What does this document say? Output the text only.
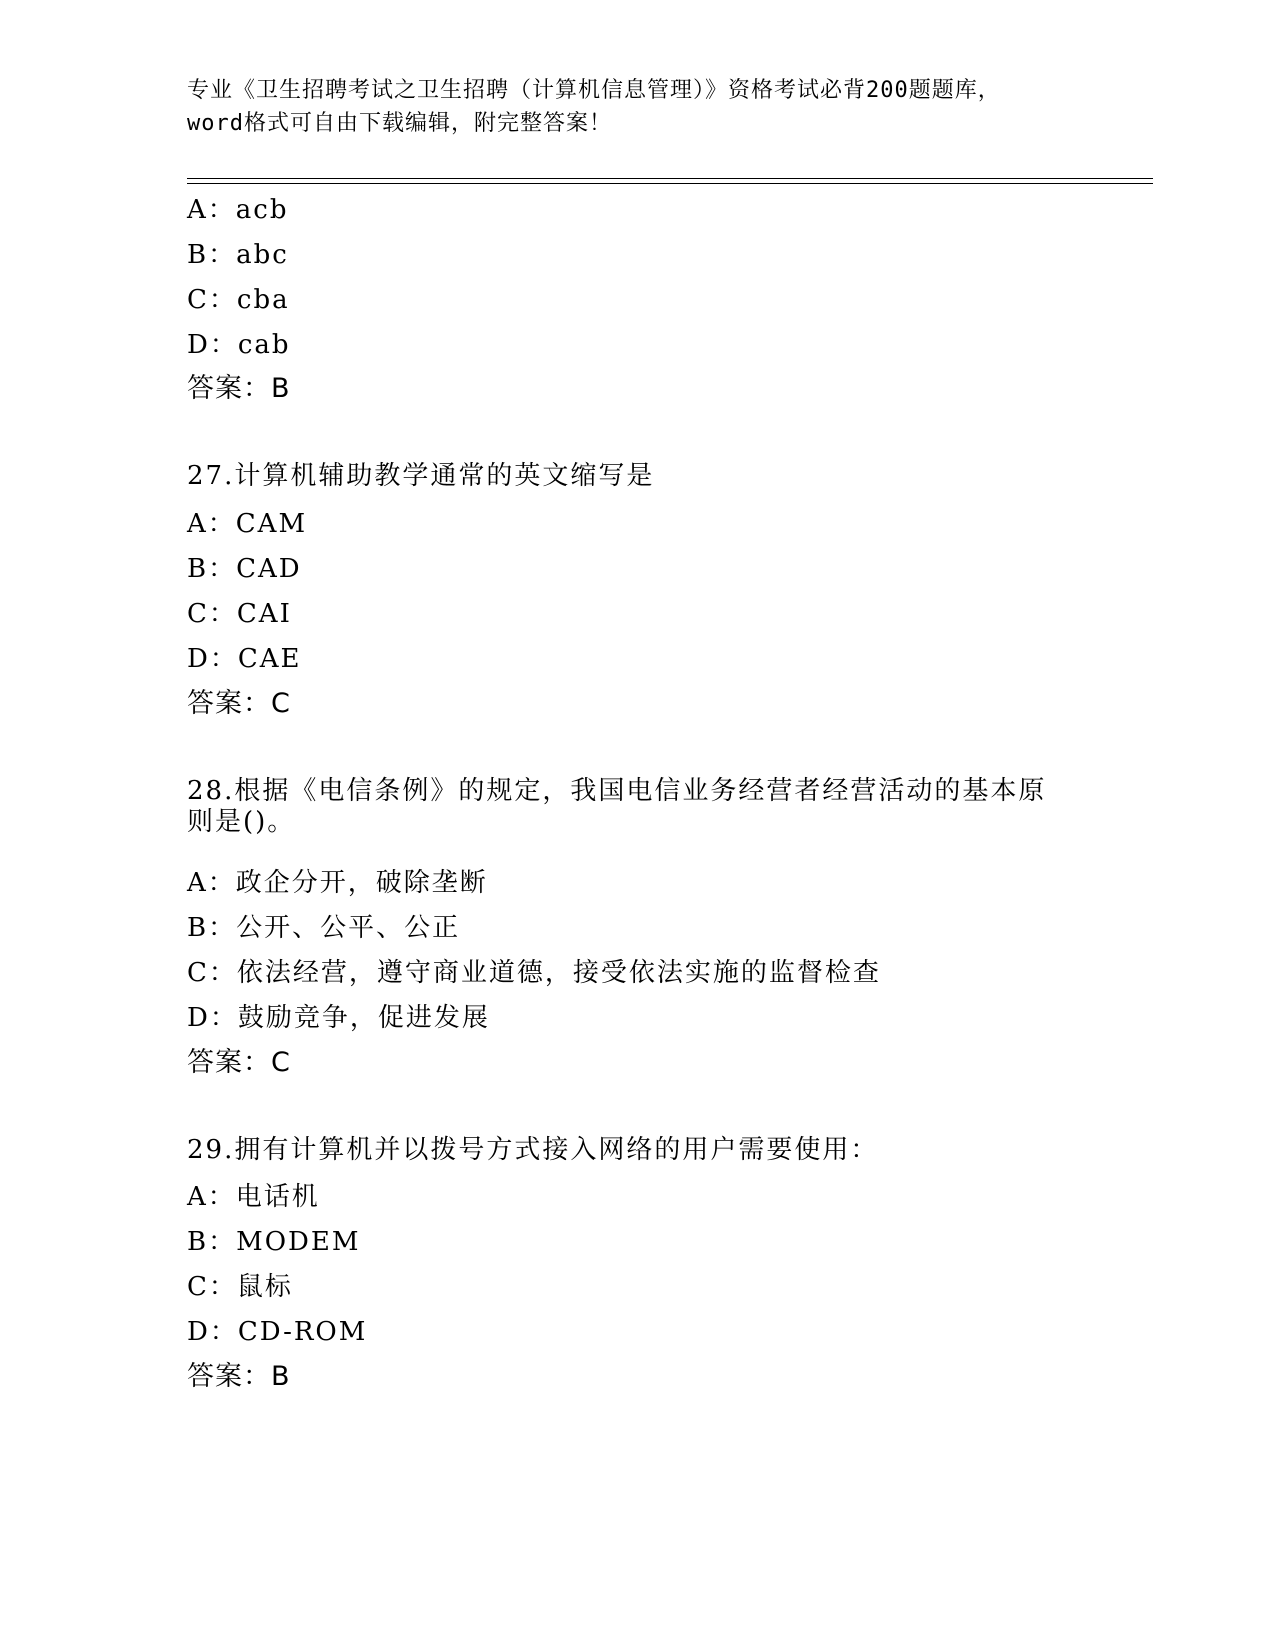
专业《卫生招聘考试之卫生招聘（计算机信息管理）》资格考试必背200题题库，
word格式可自由下载编辑，附完整答案！
A：acb
B：abc
C：cba
D：cab
答案：B
27.计算机辅助教学通常的英文缩写是
A：CAM
B：CAD
C：CAI
D：CAE
答案：C
28.根据《电信条例》的规定，我国电信业务经营者经营活动的基本原
则是()。
A：政企分开，破除垄断
B：公开、公平、公正
C：依法经营，遵守商业道德，接受依法实施的监督检查
D：鼓励竞争，促进发展
答案：C
29.拥有计算机并以拨号方式接入网络的用户需要使用：
A：电话机
B：MODEM
C：鼠标
D：CD-ROM
答案：B
